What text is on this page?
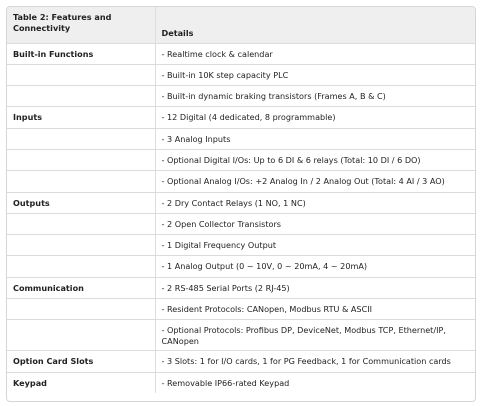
Table 2: Features and Connectivity	Details
Built-in Functions	- Realtime clock & calendar
	- Built-in 10K step capacity PLC
	- Built-in dynamic braking transistors (Frames A, B & C)
Inputs	- 12 Digital (4 dedicated, 8 programmable)
	- 3 Analog Inputs
	- Optional Digital I/Os: Up to 6 DI & 6 relays (Total: 10 DI / 6 DO)
	- Optional Analog I/Os: +2 Analog In / 2 Analog Out (Total: 4 AI / 3 AO)
Outputs	- 2 Dry Contact Relays (1 NO, 1 NC)
	- 2 Open Collector Transistors
	- 1 Digital Frequency Output
	- 1 Analog Output (0 ~ 10V, 0 ~ 20mA, 4 ~ 20mA)
Communication	- 2 RS-485 Serial Ports (2 RJ-45)
	- Resident Protocols: CANopen, Modbus RTU & ASCII
	- Optional Protocols: Profibus DP, DeviceNet, Modbus TCP, Ethernet/IP, CANopen
Option Card Slots	- 3 Slots: 1 for I/O cards, 1 for PG Feedback, 1 for Communication cards
Keypad	- Removable IP66-rated Keypad
